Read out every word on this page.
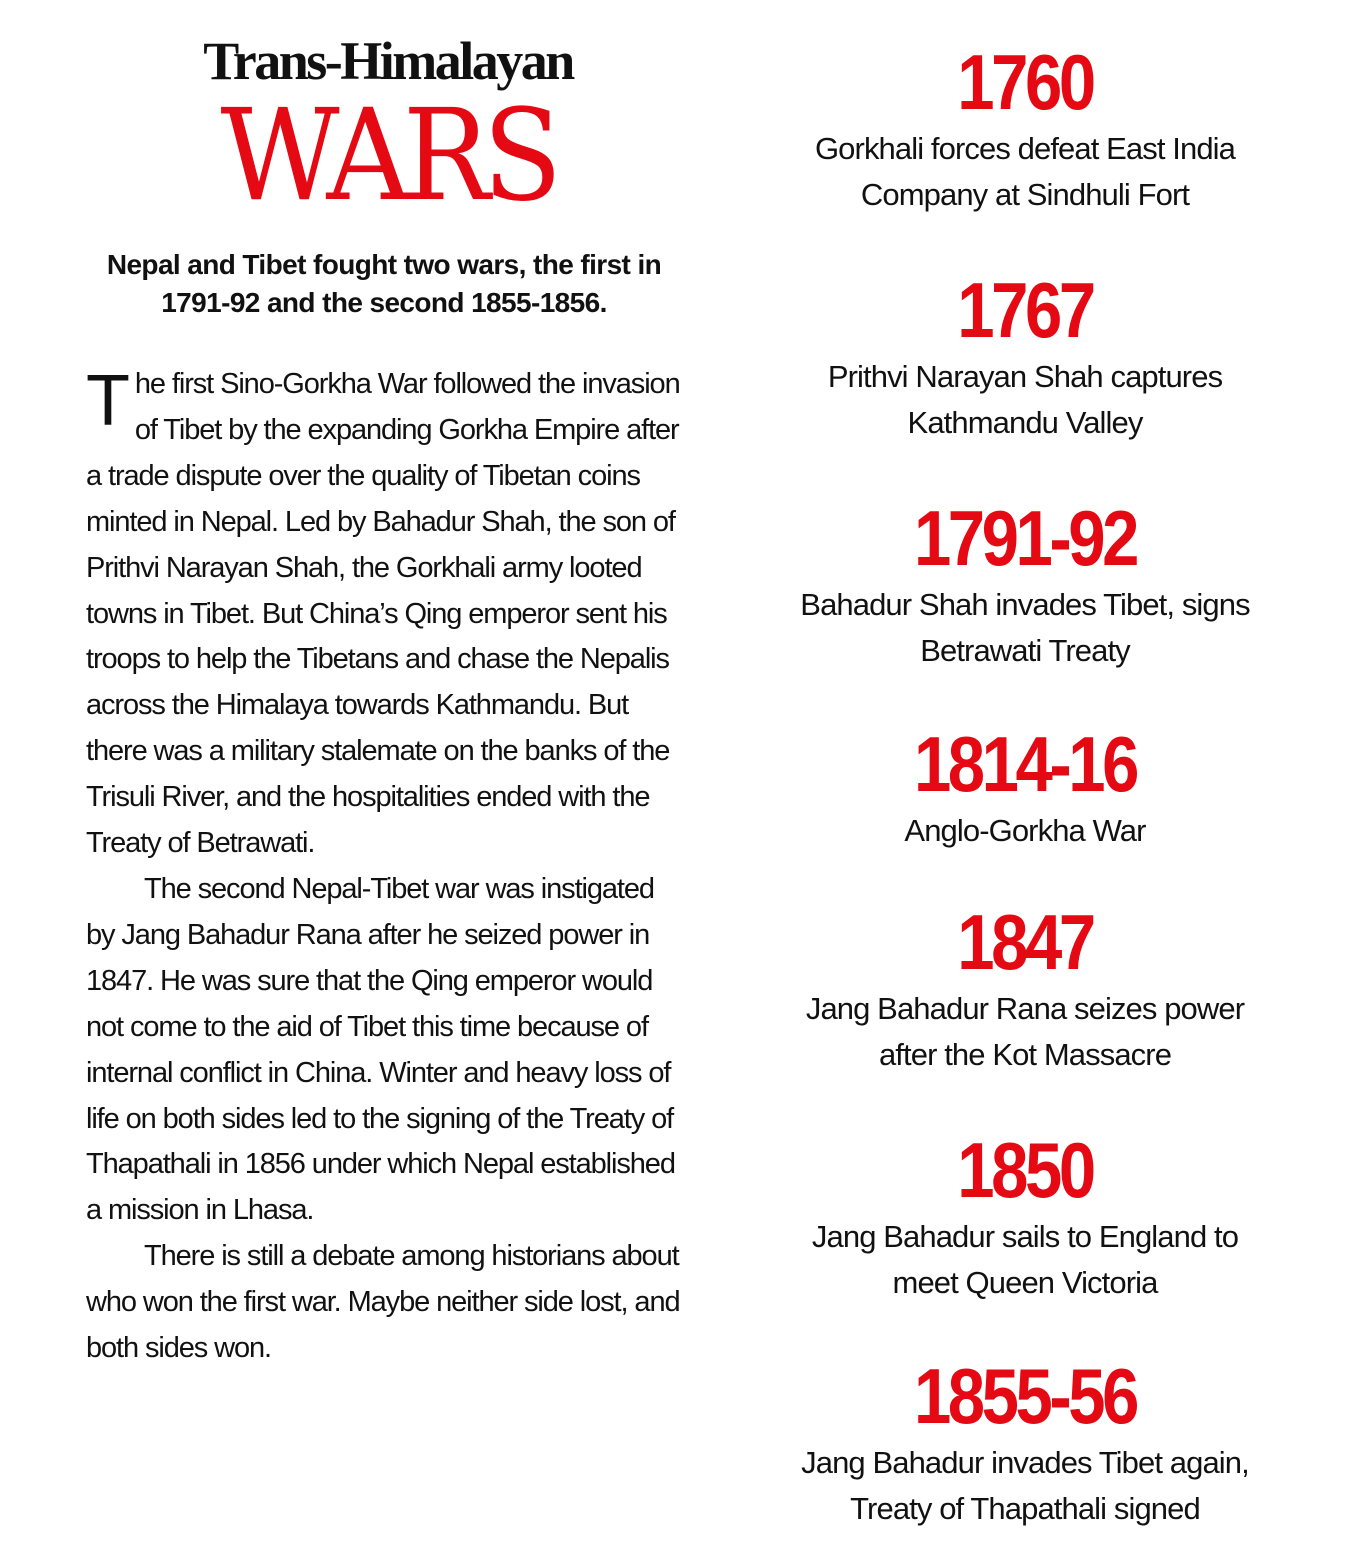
Trans-Himalayan
WARS

Nepal and Tibet fought two wars, the first in 1791-92 and the second 1855-1856.

The first Sino-Gorkha War followed the invasion of Tibet by the expanding Gorkha Empire after a trade dispute over the quality of Tibetan coins minted in Nepal. Led by Bahadur Shah, the son of Prithvi Narayan Shah, the Gorkhali army looted towns in Tibet. But China’s Qing emperor sent his troops to help the Tibetans and chase the Nepalis across the Himalaya towards Kathmandu. But there was a military stalemate on the banks of the Trisuli River, and the hospitalities ended with the Treaty of Betrawati.

The second Nepal-Tibet war was instigated by Jang Bahadur Rana after he seized power in 1847. He was sure that the Qing emperor would not come to the aid of Tibet this time because of internal conflict in China. Winter and heavy loss of life on both sides led to the signing of the Treaty of Thapathali in 1856 under which Nepal established a mission in Lhasa.

There is still a debate among historians about who won the first war. Maybe neither side lost, and both sides won.

1760
Gorkhali forces defeat East India Company at Sindhuli Fort
1767
Prithvi Narayan Shah captures Kathmandu Valley
1791-92
Bahadur Shah invades Tibet, signs Betrawati Treaty
1814-16
Anglo-Gorkha War
1847
Jang Bahadur Rana seizes power after the Kot Massacre
1850
Jang Bahadur sails to England to meet Queen Victoria
1855-56
Jang Bahadur invades Tibet again, Treaty of Thapathali signed
